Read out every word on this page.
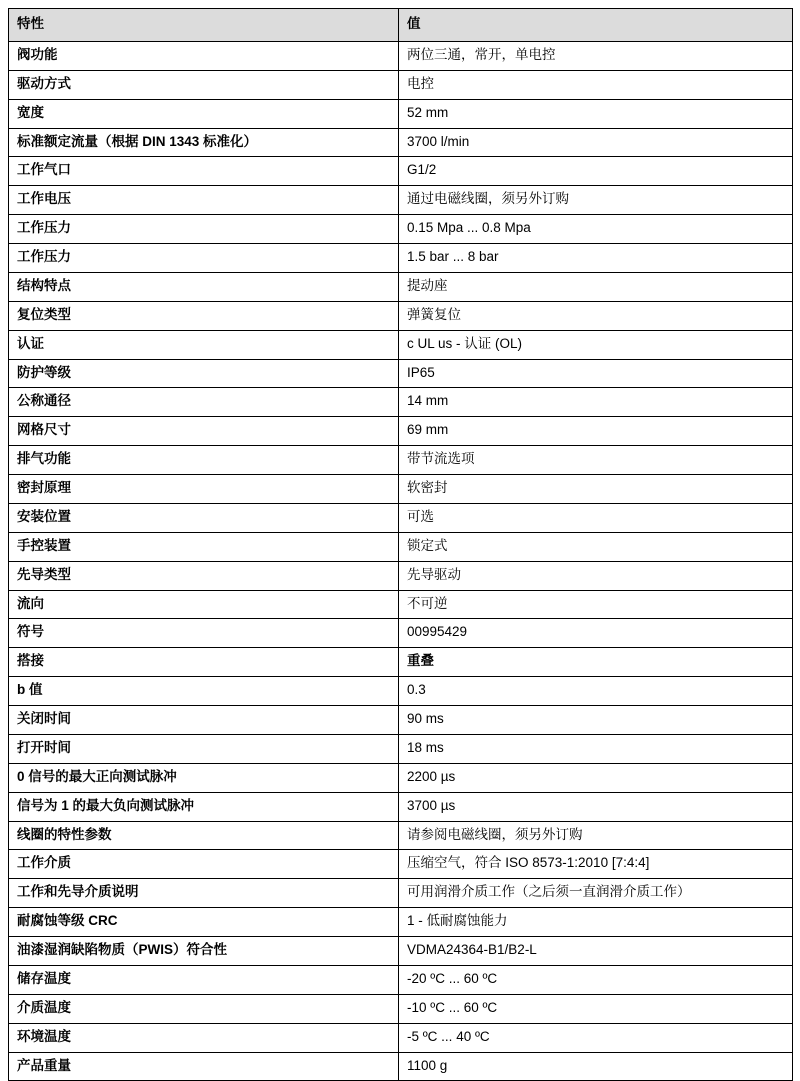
特性	值
阀功能	两位三通，常开，单电控
驱动方式	电控
宽度	52 mm
标准额定流量（根据 DIN 1343 标准化）	3700 l/min
工作气口	G1/2
工作电压	通过电磁线圈，须另外订购
工作压力	0.15 Mpa ... 0.8 Mpa
工作压力	1.5 bar ... 8 bar
结构特点	提动座
复位类型	弹簧复位
认证	c UL us - 认证 (OL)
防护等级	IP65
公称通径	14 mm
网格尺寸	69 mm
排气功能	带节流选项
密封原理	软密封
安装位置	可选
手控装置	锁定式
先导类型	先导驱动
流向	不可逆
符号	00995429
搭接	重叠
b 值	0.3
关闭时间	90 ms
打开时间	18 ms
0 信号的最大正向测试脉冲	2200 µs
信号为 1 的最大负向测试脉冲	3700 µs
线圈的特性参数	请参阅电磁线圈，须另外订购
工作介质	压缩空气，符合 ISO 8573-1:2010 [7:4:4]
工作和先导介质说明	可用润滑介质工作（之后须一直润滑介质工作）
耐腐蚀等级 CRC	1 - 低耐腐蚀能力
油漆湿润缺陷物质（PWIS）符合性	VDMA24364-B1/B2-L
储存温度	-20 ºC ... 60 ºC
介质温度	-10 ºC ... 60 ºC
环境温度	-5 ºC ... 40 ºC
产品重量	1100 g
